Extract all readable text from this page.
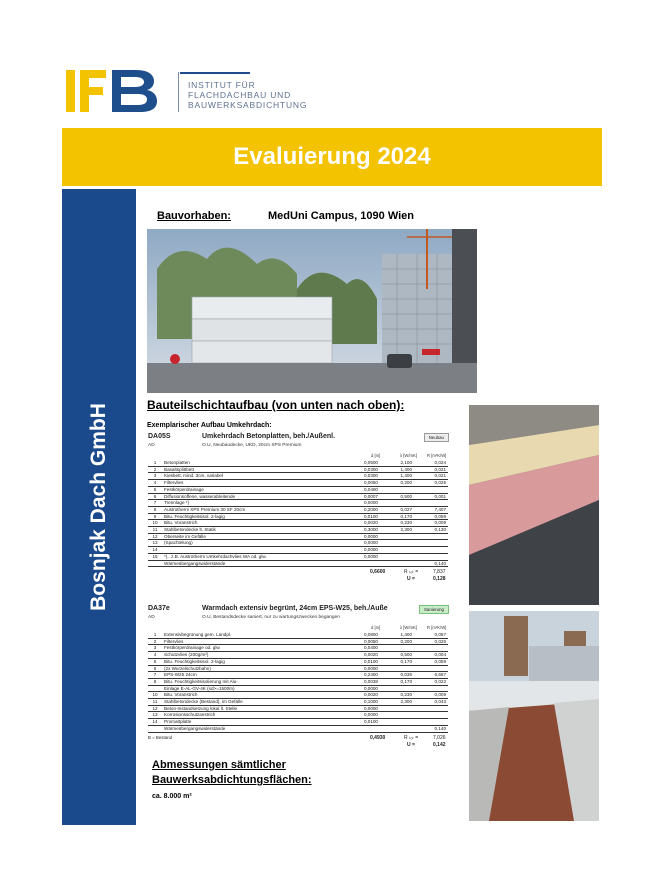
INSTITUT FÜR
FLACHDACHBAU UND
BAUWERKSABDICHTUNG
Evaluierung 2024
Bosnjak Dach GmbH
Bauvorhaben:	MedUni Campus, 1090 Wien
Bauteilschichtaufbau (von unten nach oben):
Exemplarischer Aufbau Umkehrdach:
DA05S	Umkehrdach Betonplatten, beh./Außenl.	Neubau
AD	O.U, Neubaudecke, UKD, 20cm XPS Premium
d [m]	λ [W/mK] R [m²K/W]
1	Betonplatten	0,0500	2,100	0,024
2	Basaltsplittbett	0,0300	1,400	0,021
3	Kiesbett, mind. 3cm, variabel	0,0300	1,400	0,021
4	Filtervlies	0,0050	0,200	0,025
5	Festkörperdrainage	0,0400		
6	Diffusionsoffene, wasserableitende	0,0007	0,500	0,001
7	Trennlage *)	0,0000		
8	Austrotherm XPS Premium 30 SF 20cm	0,2000	0,027	7,407
9	Bitu. Feuchtigkeitsisol. 2-lagig	0,0100	0,170	0,059
10	Bitu. Voranstrich	0,0020	0,230	0,009
11	Stahlbetondecke lt. Statik	0,3000	2,300	0,130
12	Oberseite im Gefälle	0,0000		
13	(Spachtelung)	0,0000		
14		0,0000		
15	*).. z.B. Austrotherm Umkehrdachvlies WA od. glw.	0,0000		
	Wärmeübergangswiderstände			0,140
0,6600	R ₜₒₜ =	7,837
U =	0,128
DA37e	Warmdach extensiv begrünt, 24cm EPS-W25, beh./Auße	Sanierung
AD	O.U, Bestandsdecke saniert, nur zu wartungszwecken begangen
d [m]	λ [W/mK] R [m²K/W]
1	Extensivbegrünung gem. Landpl.	0,0800	1,400	0,057
2	Filtervlies	0,0050	0,200	0,025
3	Festkörperdrainage od. glw.	0,0400		
4	Schutzvlies (200g/m²)	0,0020	0,500	0,004
5	Bitu. Feuchtigkeitsisol. 2-lagig	0,0100	0,170	0,059
6	(2x Wurzelschutzbahn)	0,0000		
7	EPS-W25 24cm	0,2400	0,036	6,667
8	Bitu. Feuchtigkeitsisolierung mit Alu-	0,0038	0,170	0,022
	Einlage E-AL-GV-4K (sd>=1500m)	0,0000		
10	Bitu. Voranstrich	0,0020	0,230	0,009
11	Stahlbetondecke (Bestand), im Gefälle	0,1000	2,300	0,043
12	Beton-Instandsetzung lokal lt. Stelle	0,0000		
13	Korrosionsschutzanstrich	0,0000		
14	Promattplatte	0,0100		
	Wärmeübergangswiderstände			0,140
B = Bestand	0,4930	R ₜₒₜ =	7,026
U =	0,142
Abmessungen sämtlicher
Bauwerksabdichtungsflächen:
ca. 8.000 m²
